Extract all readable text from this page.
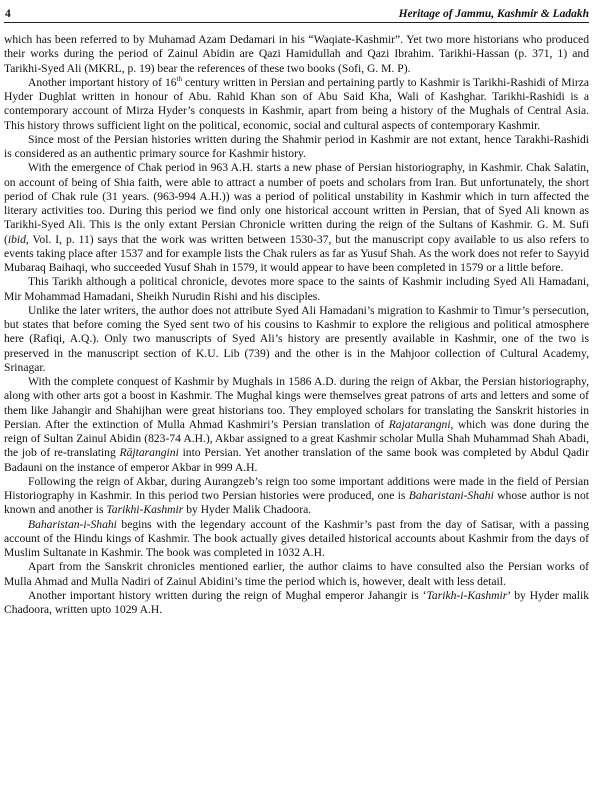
4	Heritage of Jammu, Kashmir & Ladakh

which has been referred to by Muhamad Azam Dedamari in his “Waqiate-Kashmir”. Yet two more historians who produced their works during the period of Zainul Abidin are Qazi Hamidullah and Qazi Ibrahim. Tarikhi-Hassan (p. 371, 1) and Tarikhi-Syed Ali (MKRL, p. 19) bear the references of these two books (Sofi, G. M. P).

Another important history of 16th century written in Persian and pertaining partly to Kashmir is Tarikhi-Rashidi of Mirza Hyder Dughlat written in honour of Abu. Rahid Khan son of Abu Said Kha, Wali of Kashghar. Tarikhi-Rashidi is a contemporary account of Mirza Hyder’s conquests in Kashmir, apart from being a history of the Mughals of Central Asia. This history throws sufficient light on the political, economic, social and cultural aspects of contemporary Kashmir.

Since most of the Persian histories written during the Shahmir period in Kashmir are not extant, hence Tarakhi-Rashidi is considered as an authentic primary source for Kashmir history.

With the emergence of Chak period in 963 A.H. starts a new phase of Persian historiography, in Kashmir. Chak Salatin, on account of being of Shia faith, were able to attract a number of poets and scholars from Iran. But unfortunately, the short period of Chak rule (31 years. (963-994 A.H.)) was a period of political unstability in Kashmir which in turn affected the literary activities too. During this period we find only one historical account written in Persian, that of Syed Ali known as Tarikhi-Syed Ali. This is the only extant Persian Chronicle written during the reign of the Sultans of Kashmir. G. M. Sufi (ibid, Vol. I, p. 11) says that the work was written between 1530-37, but the manuscript copy available to us also refers to events taking place after 1537 and for example lists the Chak rulers as far as Yusuf Shah. As the work does not refer to Sayyid Mubaraq Baihaqi, who succeeded Yusuf Shah in 1579, it would appear to have been completed in 1579 or a little before.

This Tarikh although a political chronicle, devotes more space to the saints of Kashmir including Syed Ali Hamadani, Mir Mohammad Hamadani, Sheikh Nurudin Rishi and his disciples.

Unlike the later writers, the author does not attribute Syed Ali Hamadani’s migration to Kashmir to Timur’s persecution, but states that before coming the Syed sent two of his cousins to Kashmir to explore the religious and political atmosphere here (Rafiqi, A.Q.). Only two manuscripts of Syed Ali’s history are presently available in Kashmir, one of the two is preserved in the manuscript section of K.U. Lib (739) and the other is in the Mahjoor collection of Cultural Academy, Srinagar.

With the complete conquest of Kashmir by Mughals in 1586 A.D. during the reign of Akbar, the Persian historiography, along with other arts got a boost in Kashmir. The Mughal kings were themselves great patrons of arts and letters and some of them like Jahangir and Shahijhan were great historians too. They employed scholars for translating the Sanskrit histories in Persian. After the extinction of Mulla Ahmad Kashmiri’s Persian translation of Rajatarangni, which was done during the reign of Sultan Zainul Abidin (823-74 A.H.), Akbar assigned to a great Kashmir scholar Mulla Shah Muhammad Shah Abadi, the job of re-translating Rājtarangini into Persian. Yet another translation of the same book was completed by Abdul Qadir Badauni on the instance of emperor Akbar in 999 A.H.

Following the reign of Akbar, during Aurangzeb’s reign too some important additions were made in the field of Persian Historiography in Kashmir. In this period two Persian histories were produced, one is Baharistani-Shahi whose author is not known and another is Tarikhi-Kashmir by Hyder Malik Chadoora.

Baharistan-i-Shahi begins with the legendary account of the Kashmir’s past from the day of Satisar, with a passing account of the Hindu kings of Kashmir. The book actually gives detailed historical accounts about Kashmir from the days of Muslim Sultanate in Kashmir. The book was completed in 1032 A.H.

Apart from the Sanskrit chronicles mentioned earlier, the author claims to have consulted also the Persian works of Mulla Ahmad and Mulla Nadiri of Zainul Abidini’s time the period which is, however, dealt with less detail.

Another important history written during the reign of Mughal emperor Jahangir is ‘Tarikh-i-Kashmir’ by Hyder malik Chadoora, written upto 1029 A.H.
